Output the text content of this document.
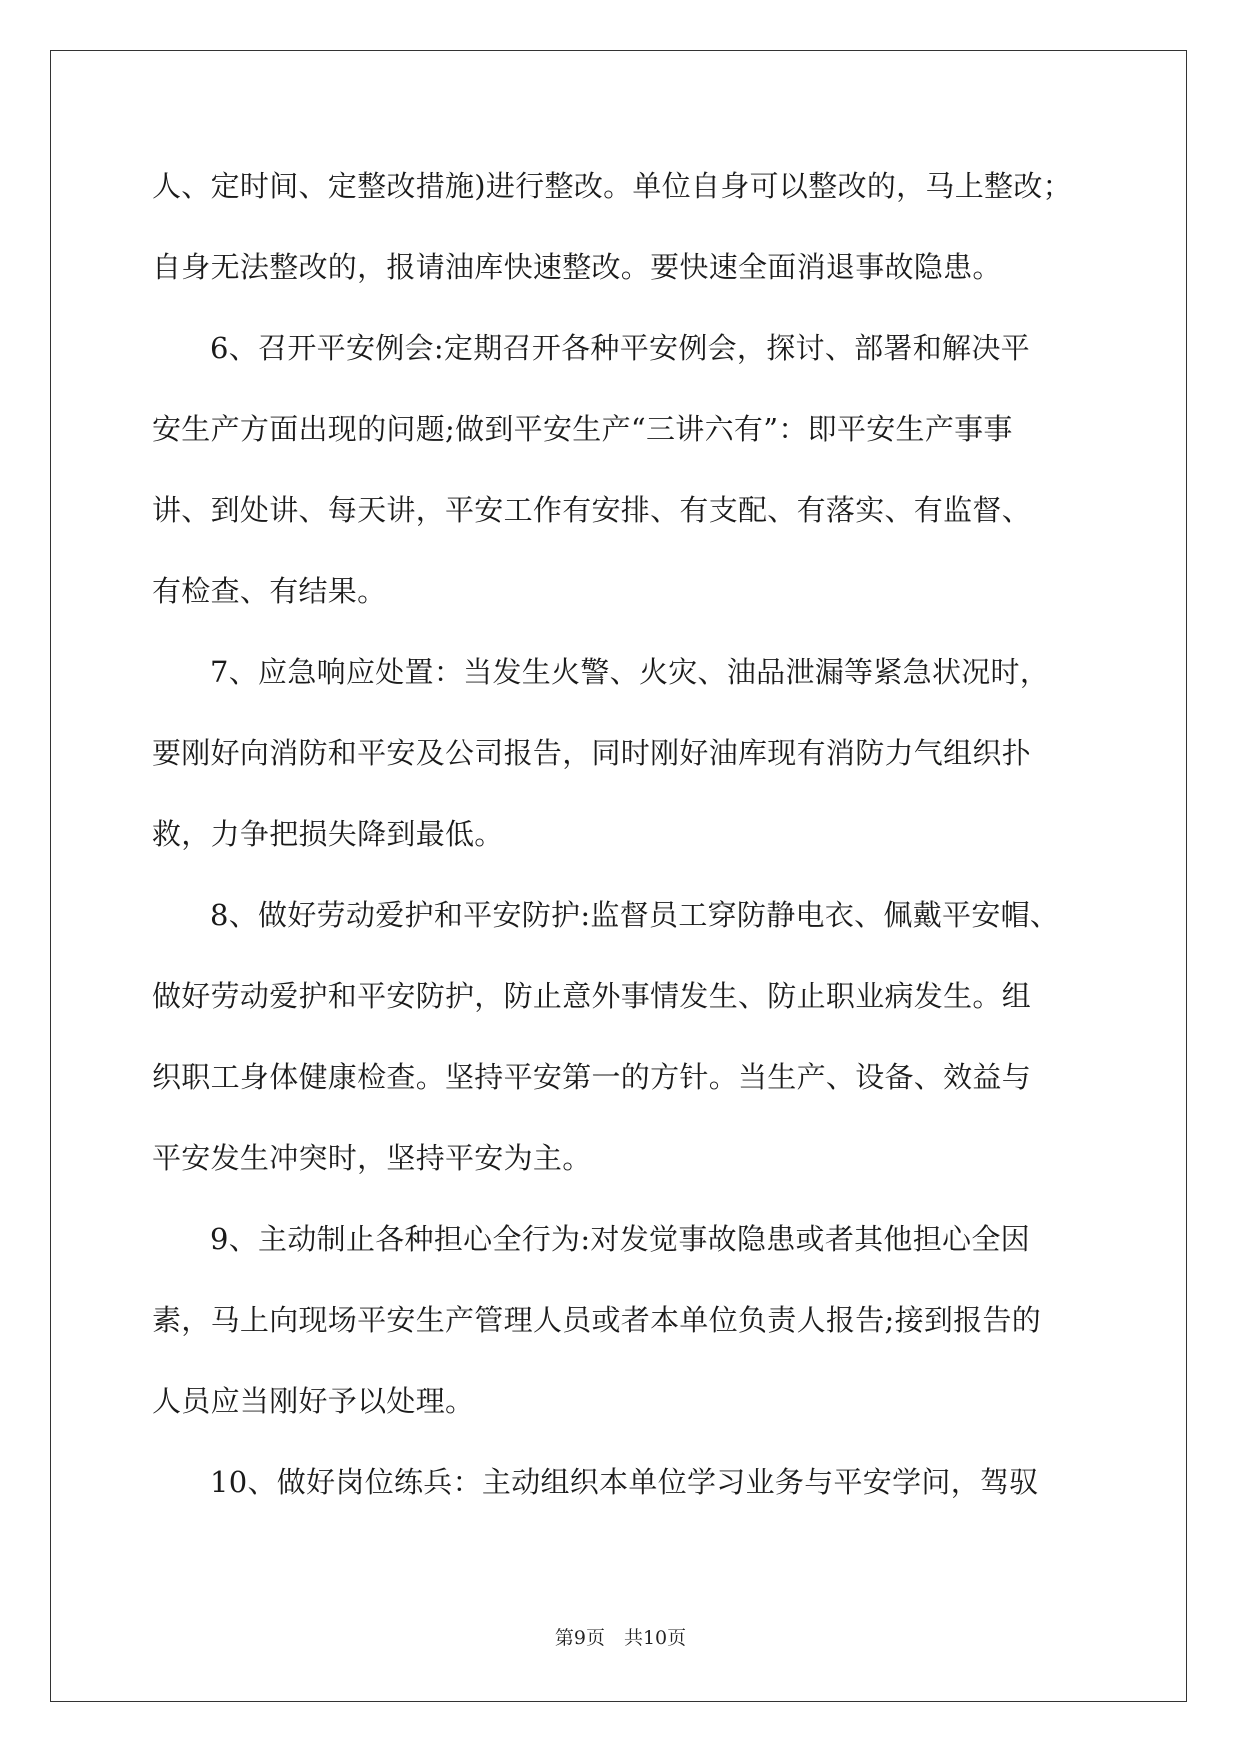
人、定时间、定整改措施)进行整改。单位自身可以整改的，马上整改；
自身无法整改的，报请油库快速整改。要快速全面消退事故隐患。
6、召开平安例会:定期召开各种平安例会，探讨、部署和解决平
安生产方面出现的问题;做到平安生产“三讲六有”：即平安生产事事
讲、到处讲、每天讲，平安工作有安排、有支配、有落实、有监督、
有检查、有结果。
7、应急响应处置：当发生火警、火灾、油品泄漏等紧急状况时，
要刚好向消防和平安及公司报告，同时刚好油库现有消防力气组织扑
救，力争把损失降到最低。
8、做好劳动爱护和平安防护:监督员工穿防静电衣、佩戴平安帽、
做好劳动爱护和平安防护，防止意外事情发生、防止职业病发生。组
织职工身体健康检查。坚持平安第一的方针。当生产、设备、效益与
平安发生冲突时，坚持平安为主。
9、主动制止各种担心全行为:对发觉事故隐患或者其他担心全因
素，马上向现场平安生产管理人员或者本单位负责人报告;接到报告的
人员应当刚好予以处理。
10、做好岗位练兵：主动组织本单位学习业务与平安学问，驾驭
第9页　共10页
